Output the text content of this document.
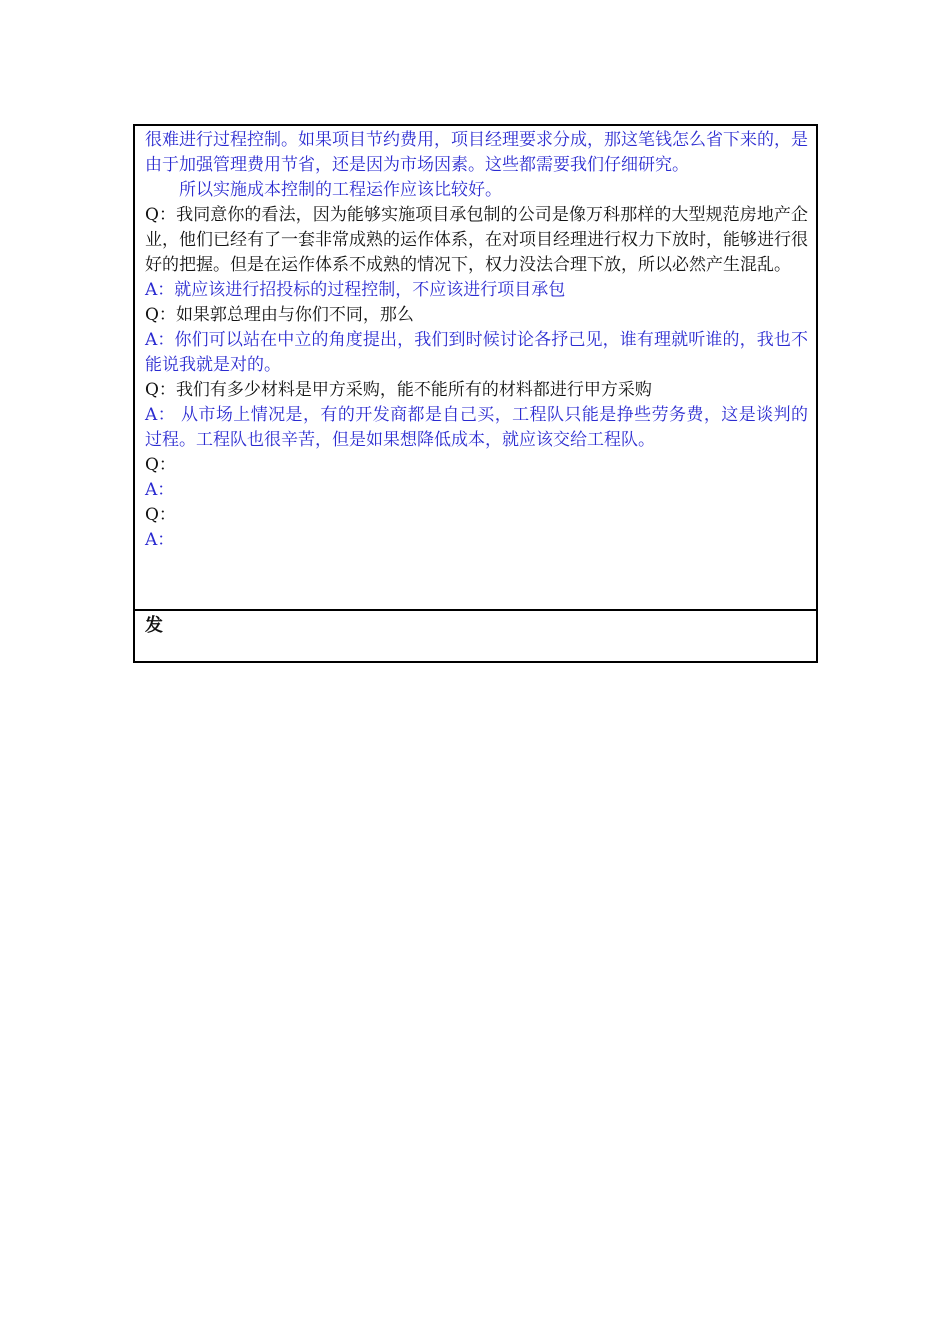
很难进行过程控制。如果项目节约费用，项目经理要求分成，那这笔钱怎么省下来的，是由于加强管理费用节省，还是因为市场因素。这些都需要我们仔细研究。

所以实施成本控制的工程运作应该比较好。

Q：我同意你的看法，因为能够实施项目承包制的公司是像万科那样的大型规范房地产企业，他们已经有了一套非常成熟的运作体系，在对项目经理进行权力下放时，能够进行很好的把握。但是在运作体系不成熟的情况下，权力没法合理下放，所以必然产生混乱。

A：就应该进行招投标的过程控制，不应该进行项目承包

Q：如果郭总理由与你们不同，那么

A：你们可以站在中立的角度提出，我们到时候讨论各抒己见，谁有理就听谁的，我也不能说我就是对的。

Q：我们有多少材料是甲方采购，能不能所有的材料都进行甲方采购

A： 从市场上情况是，有的开发商都是自己买，工程队只能是挣些劳务费，这是谈判的过程。工程队也很辛苦，但是如果想降低成本，就应该交给工程队。

Q：

A：

Q：

A：

发
